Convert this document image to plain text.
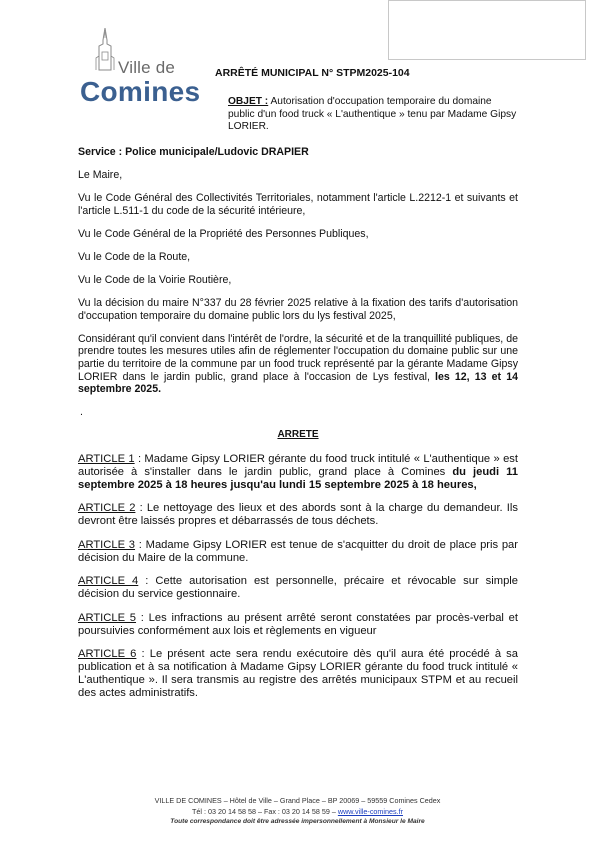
Ville de
Comines
ARRÊTÉ MUNICIPAL N° STPM2025-104
OBJET : Autorisation d'occupation temporaire du domaine public d'un food truck « L'authentique » tenu par Madame Gipsy LORIER.

Service : Police municipale/Ludovic DRAPIER

Le Maire,

Vu le Code Général des Collectivités Territoriales, notamment l'article L.2212-1 et suivants et l'article L.511-1 du code de la sécurité intérieure,

Vu le Code Général de la Propriété des Personnes Publiques,

Vu le Code de la Route,

Vu le Code de la Voirie Routière,

Vu la décision du maire N°337 du 28 février 2025 relative à la fixation des tarifs d'autorisation d'occupation temporaire du domaine public lors du lys festival 2025,

Considérant qu'il convient dans l'intérêt de l'ordre, la sécurité et de la tranquillité publiques, de prendre toutes les mesures utiles afin de réglementer l'occupation du domaine public sur une partie du territoire de la commune par un food truck représenté par la gérante Madame Gipsy LORIER dans le jardin public, grand place à l'occasion de Lys festival, les 12, 13 et 14 septembre 2025.

.

ARRETE

ARTICLE 1 : Madame Gipsy LORIER gérante du food truck intitulé « L'authentique » est autorisée à s'installer dans le jardin public, grand place à Comines du jeudi 11 septembre 2025 à 18 heures jusqu'au lundi 15 septembre 2025 à 18 heures,

ARTICLE 2 : Le nettoyage des lieux et des abords sont à la charge du demandeur. Ils devront être laissés propres et débarrassés de tous déchets.

ARTICLE 3 : Madame Gipsy LORIER est tenue de s'acquitter du droit de place pris par décision du Maire de la commune.

ARTICLE 4 : Cette autorisation est personnelle, précaire et révocable sur simple décision du service gestionnaire.

ARTICLE 5 : Les infractions au présent arrêté seront constatées par procès-verbal et poursuivies conformément aux lois et règlements en vigueur

ARTICLE 6 : Le présent acte sera rendu exécutoire dès qu'il aura été procédé à sa publication et à sa notification à Madame Gipsy LORIER gérante du food truck intitulé « L'authentique ». Il sera transmis au registre des arrêtés municipaux STPM et au recueil des actes administratifs.

VILLE DE COMINES – Hôtel de Ville – Grand Place – BP 20069 – 59559 Comines Cedex
Tél : 03 20 14 58 58 – Fax : 03 20 14 58 59 – www.ville-comines.fr
Toute correspondance doit être adressée impersonnellement à Monsieur le Maire
